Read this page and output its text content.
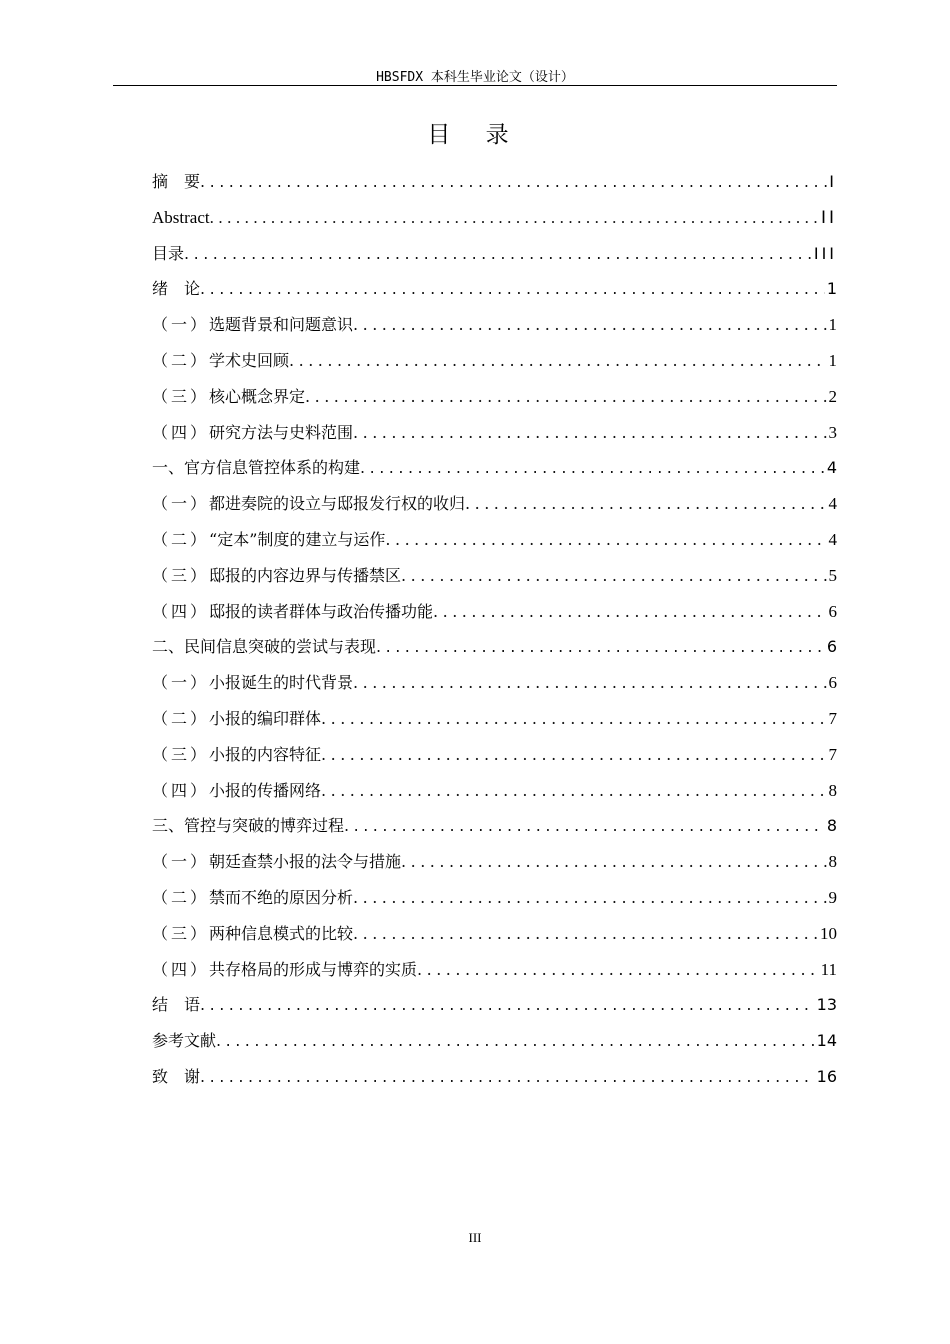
HBSFDX 本科生毕业论文（设计）
目 录
摘　要 .....	I
Abstract .....	II
目录 .....	III
绪　论 .....	1
（一） 选题背景和问题意识 .....	1
（二） 学术史回顾 .....	1
（三） 核心概念界定 .....	2
（四） 研究方法与史料范围 .....	3
一、 官方信息管控体系的构建 .....	4
（一） 都进奏院的设立与邸报发行权的收归 .....	4
（二） “定本”制度的建立与运作 .....	4
（三） 邸报的内容边界与传播禁区 .....	5
（四） 邸报的读者群体与政治传播功能 .....	6
二、 民间信息突破的尝试与表现 .....	6
（一） 小报诞生的时代背景 .....	6
（二） 小报的编印群体 .....	7
（三） 小报的内容特征 .....	7
（四） 小报的传播网络 .....	8
三、 管控与突破的博弈过程 .....	8
（一） 朝廷查禁小报的法令与措施 .....	8
（二） 禁而不绝的原因分析 .....	9
（三） 两种信息模式的比较 .....	10
（四） 共存格局的形成与博弈的实质 .....	11
结　语 .....	13
参考文献 .....	14
致　谢 .....	16
III
